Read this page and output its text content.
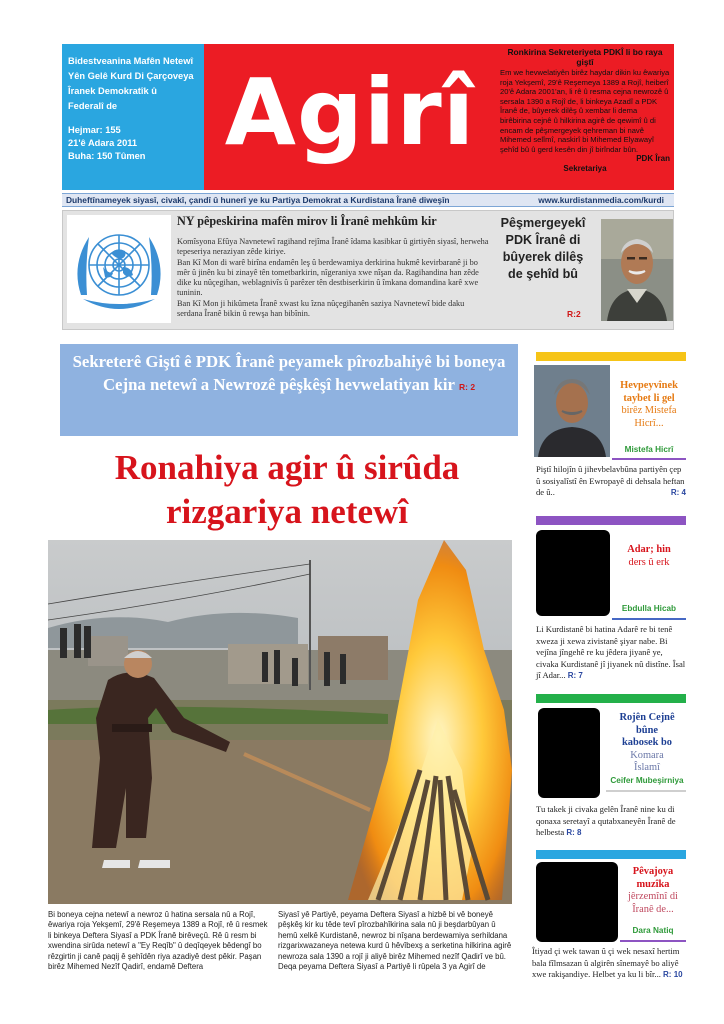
Bidestveanina Mafên Netewî
Yên Gelê Kurd Di Çarçoveya
Îranek Demokratîk û
Federalî de
Hejmar: 155
21'ê Adara 2011
Buha: 150 Tûmen Agirî
Ronkirina Sekreteriyeta PDKÎ li bo raya giştî
Em we hevwelatiyên birêz haydar dikin ku êwariya roja Yekşemî, 29'ê Reşemeya 1389 a Rojî, heiberî 20'ê Adara 2001'an, li rê û resma cejna newrozê û sersala 1390 a Rojî de, li binkeya Azadî a PDK Îranê de, bûyerek dilêş û xembar li dema birêbirina cejnê û hilkirina agirê de qewimî û di encam de pêşmergeyek qehreman bi navê Mihemed selîmî, naskirî bi Mihemed Elyawayî şehîd bû û gerd kesên din jî birîndar bûn.
PDK Îran
Sekretariya
Duheftînameyek siyasî, civakî, çandî û hunerî ye ku Partiya Demokrat a Kurdistana Îranê diweşîn	www.kurdistanmedia.com/kurdi
NY pêpeskirina mafên mirov li Îranê mehkûm kir

Komîsyona Efûya Navnetewî ragihand rejîma Îranê îdama kasibkar û girtiyên siyasî, herweha tepeseriya neraziyan zêde kiriye.

Ban Kî Mon di warê birîna endamên leş û berdewamiya derkirina hukmê kevirbaranê ji bo mêr û jinên ku bi zinayê tên tometbarkirin, nîgeraniya xwe nîşan da. Ragihandina han zêde dike ku nûçegihan, weblagnivîs û parêzer tên destbiserkirin û îmkana domandina karê xwe tuninin.

Ban Kî Mon ji hikûmeta Îranê xwast ku îzna nûçegihanên saziya Navnetewî bide daku serdana Îranê bikin û rewşa han bibînin.

Pêşmergeyekî
PDK Îranê di
bûyerek dilêş
de şehîd bû
R:2
Sekreterê Giştî ê PDK Îranê peyamek pîrozbahiyê bi boneya Cejna netewî a Newrozê pêşkêşî hevwelatiyan kir R: 2
Ronahiya agir û sirûda
rizgariya netewî
Bi boneya cejna netewî a newroz û hatina sersala nû a Rojî, êwariya roja Yekşemî, 29'ê Reşemeya 1389 a Rojî, rê û resmek li binkeya Deftera Siyasî a PDK Îranê birêveçû. Rê û resm bi xwendina sirûda netewî a "Ey Reqîb" û deqîqeyek bêdengî bo rêzgirtin ji canê paqij ê şehîdên riya azadiyê dest pêkir. Paşan birêz Mihemed Nezîf Qadirî, endamê Deftera
Siyasî yê Partiyê, peyama Deftera Siyasî a hizbê bi vê boneyê pêşkêş kir ku têde tevî pîrozbahîkirina sala nû ji beşdarbûyan û hemû xelkê Kurdistanê, newroz bi nîşana berdewamiya serhildana rizgarixwazaneya netewa kurd û hêvîbexş a serketina hilkirina agirê newroza sala 1390 a rojî ji aliyê birêz Mihemed nezîf Qadirî ve bû. Deqa peyama Deftera Siyasî a Partiyê li rûpela 3 ya Agirî de
Hevpeyvînek
taybet li gel
birêz Mistefa
Hicrî...
Mistefa Hicrî
Piştî hilojîn û jihevbelavbûna partiyên çep û sosiyalîstî ên Ewropayê di dehsala heftan de û..	R: 4
Adar; hin
ders û erk
Ebdulla Hicab
Li Kurdistanê bi hatina Adarê re bi tenê xweza ji xewa zivistanê şiyar nabe. Bi vejîna jîngehê re ku jêdera jiyanê ye, civaka Kurdistanê jî jiyanek nû distîne. Îsal jî Adar... R: 7
Rojên Cejnê
bûne
kabosek bo
Komara
Îslamî
Ceifer Mubeşirniya
Tu takek ji civaka gelên Îranê nine ku di qonaxa seretayî a qutabxaneyên Îranê de helbesta R: 8
Pêvajoya
muzîka
jêrzemînî di
Îranê de...
Dara Natiq
Îtiyad çi wek tawan û çi wek nesaxî hertim bala fîlmsazan û algirên sînemayê bo aliyê xwe rakişandiye. Helbet ya ku li bîr... R: 10
